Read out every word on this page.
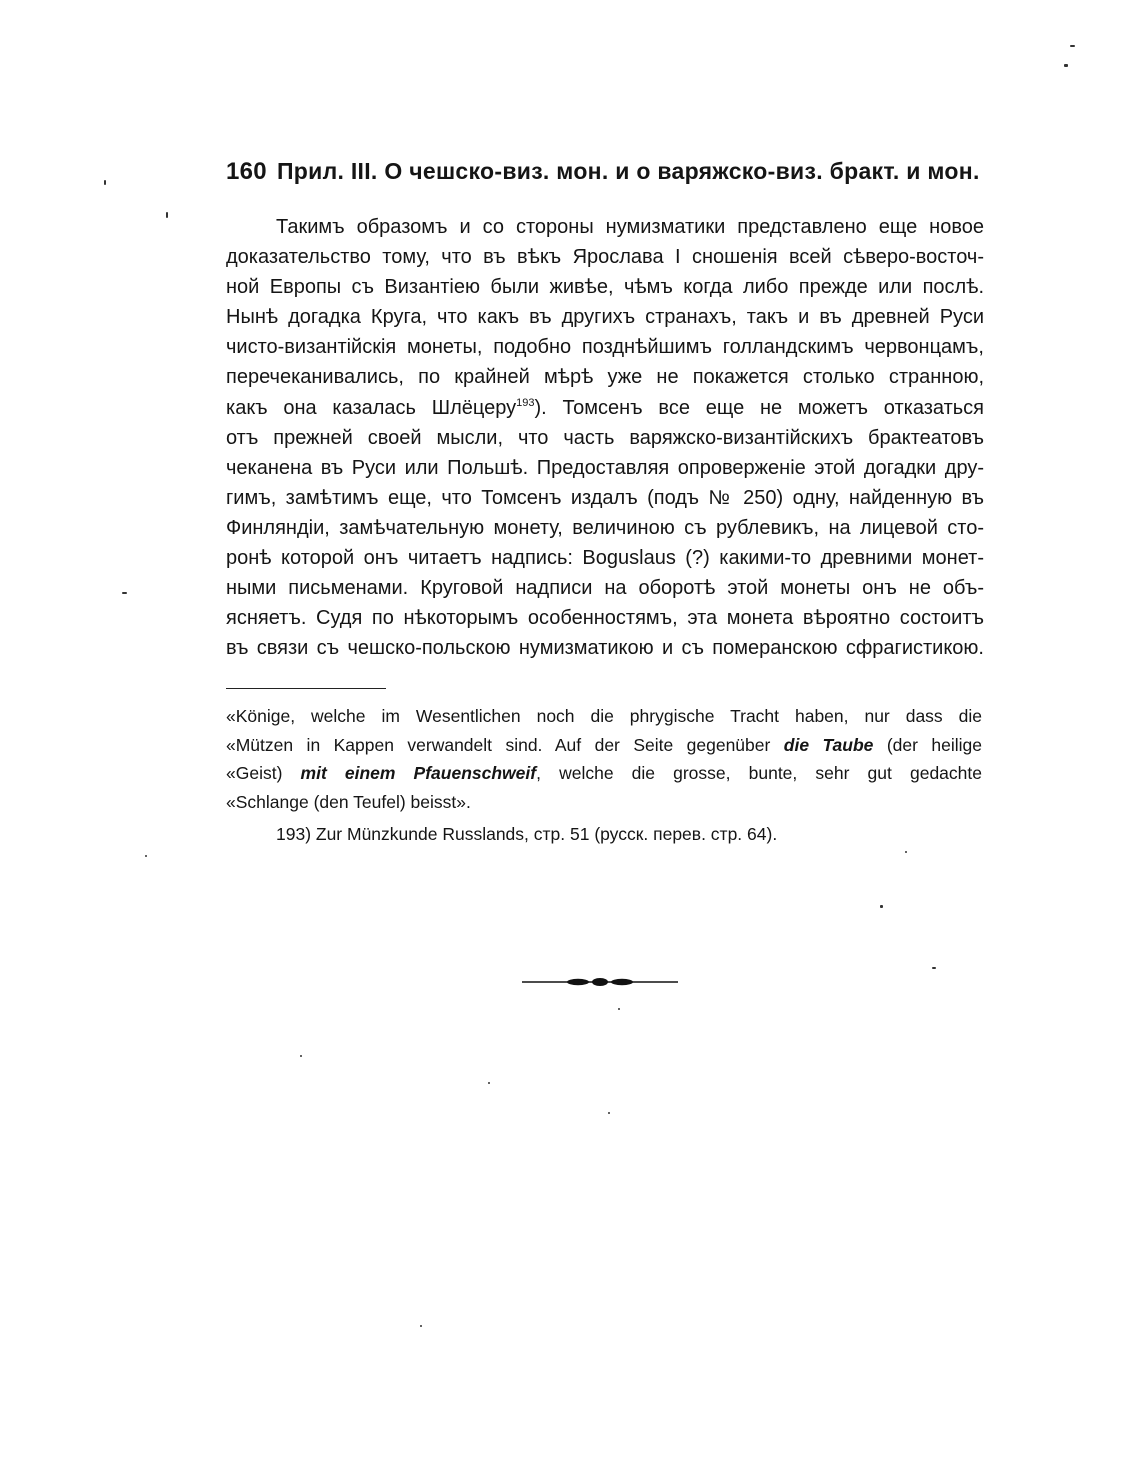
160 Прил. III. О чешско-виз. мон. и о варяжско-виз. бракт. и мон.
Такимъ образомъ и со стороны нумизматики представлено еще новое
доказательство тому, что въ вѣкъ Ярослава I сношенія всей сѣверо-восточ-
ной Европы съ Византіею были живѣе, чѣмъ когда либо прежде или послѣ.
Нынѣ догадка Круга, что какъ въ другихъ странахъ, такъ и въ древней Руси
чисто-византійскія монеты, подобно позднѣйшимъ голландскимъ червонцамъ,
перечеканивались, по крайней мѣрѣ уже не покажется столько странною,
какъ она казалась Шлёцеру$^{193}$). Томсенъ все еще не можетъ отказаться
отъ прежней своей мысли, что часть варяжско-византійскихъ брактеатовъ
чеканена въ Руси или Польшѣ. Предоставляя опроверженіе этой догадки дру-
гимъ, замѣтимъ еще, что Томсенъ издалъ (подъ № 250) одну, найденную въ
Финляндіи, замѣчательную монету, величиною съ рублевикъ, на лицевой сто-
ронѣ которой онъ читаетъ надпись: Boguslaus (?) какими-то древними монет-
ными письменами. Круговой надписи на оборотѣ этой монеты онъ не объ-
ясняетъ. Судя по нѣкоторымъ особенностямъ, эта монета вѣроятно состоитъ
въ связи съ чешско-польскою нумизматикою и съ померанскою сфрагистикою.
«Könige, welche im Wesentlichen noch die phrygische Tracht haben, nur dass die
«Mützen in Kappen verwandelt sind. Auf der Seite gegenüber die Taube (der heilige
«Geist) mit einem Pfauenschweif, welche die grosse, bunte, sehr gut gedachte
«Schlange (den Teufel) beisst».
193) Zur Münzkunde Russlands, стр. 51 (русск. перев. стр. 64).
